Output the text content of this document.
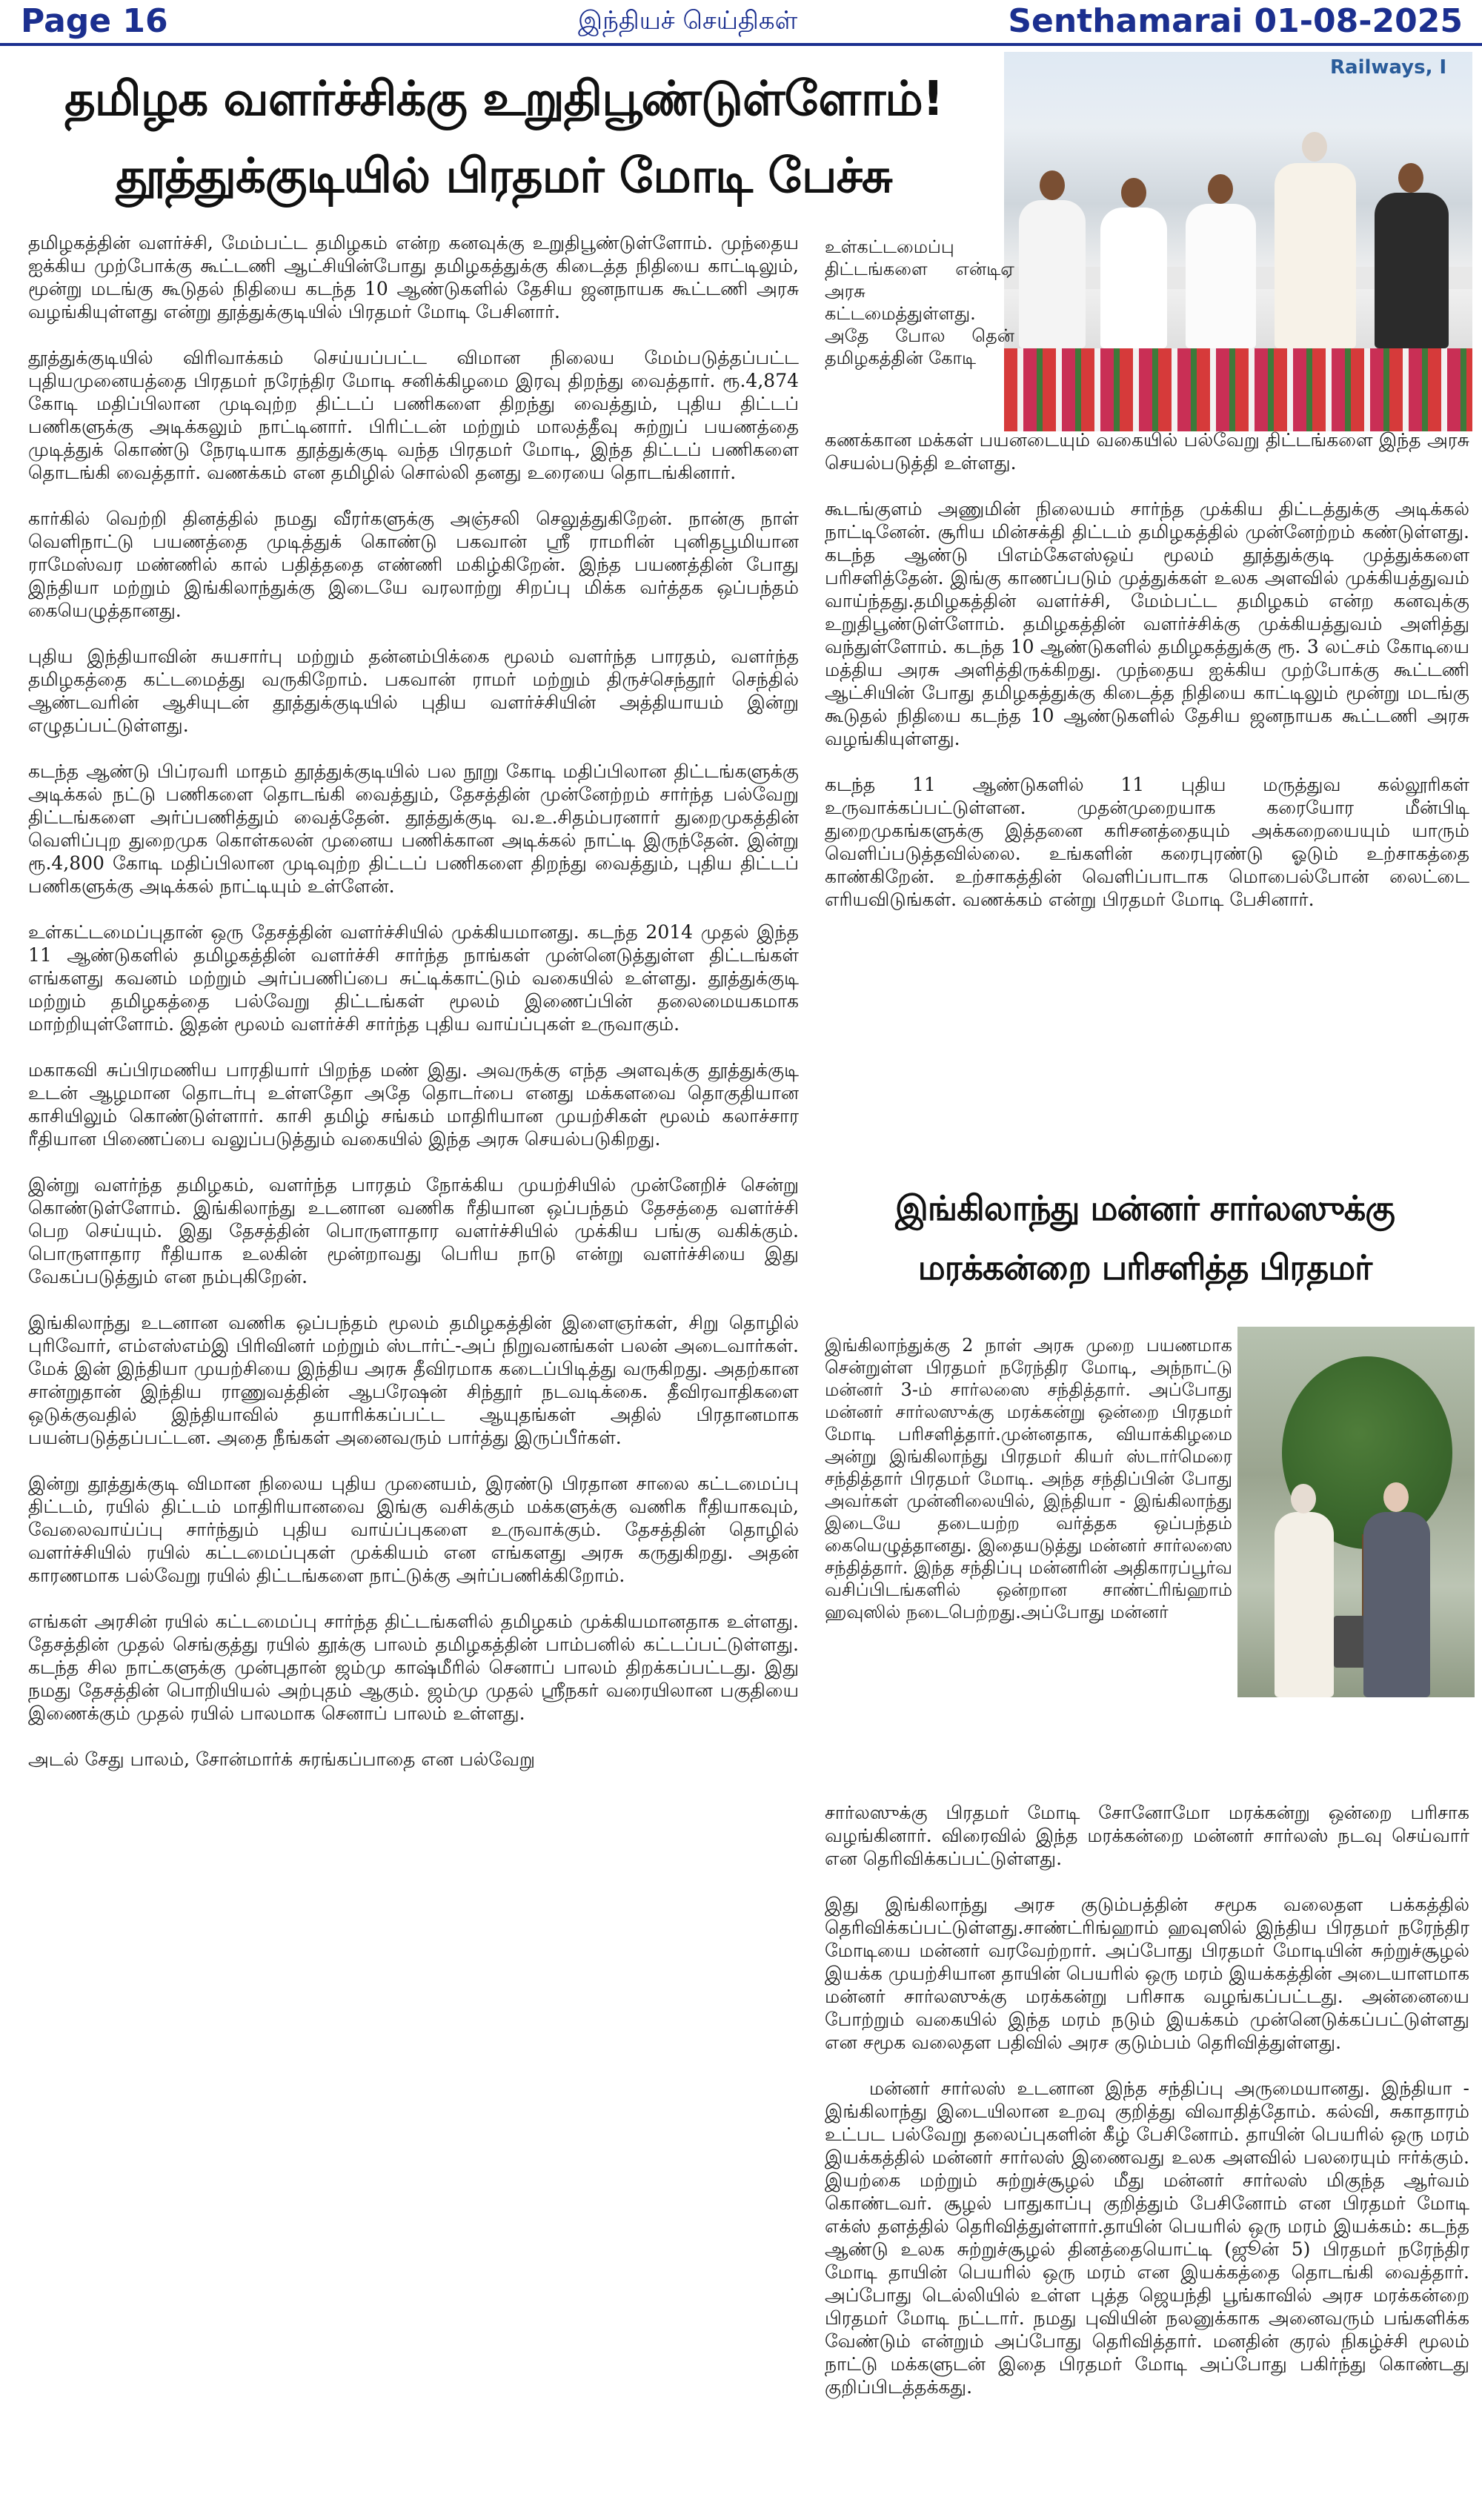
Page 16	இந்தியச் செய்திகள்	Senthamarai 01-08-2025
தமிழக வளர்ச்சிக்கு உறுதிபூண்டுள்ளோம்!
தூத்துக்குடியில் பிரதமர் மோடி பேச்சு
Railways, I

உள்கட்டமைப்பு திட்டங்களை என்டிஏ அரசு கட்டமைத்துள்ளது. அதே போல தென் தமிழகத்தின் கோடி

தமிழகத்தின் வளர்ச்சி, மேம்பட்ட தமிழகம் என்ற கனவுக்கு உறுதிபூண்டுள்ளோம். முந்தைய ஐக்கிய முற்போக்கு கூட்டணி ஆட்சியின்போது தமிழகத்துக்கு கிடைத்த நிதியை காட்டிலும், மூன்று மடங்கு கூடுதல் நிதியை கடந்த 10 ஆண்டுகளில் தேசிய ஜனநாயக கூட்டணி அரசு வழங்கியுள்ளது என்று தூத்துக்குடியில் பிரதமர் மோடி பேசினார்.

தூத்துக்குடியில் விரிவாக்கம் செய்யப்பட்ட விமான நிலைய மேம்படுத்தப்பட்ட புதியமுனையத்தை பிரதமர் நரேந்திர மோடி சனிக்கிழமை இரவு திறந்து வைத்தார். ரூ.4,874 கோடி மதிப்பிலான முடிவுற்ற திட்டப் பணிகளை திறந்து வைத்தும், புதிய திட்டப் பணிகளுக்கு அடிக்கலும் நாட்டினார். பிரிட்டன் மற்றும் மாலத்தீவு சுற்றுப் பயணத்தை முடித்துக் கொண்டு நேரடியாக தூத்துக்குடி வந்த பிரதமர் மோடி, இந்த திட்டப் பணிகளை தொடங்கி வைத்தார். வணக்கம் என தமிழில் சொல்லி தனது உரையை தொடங்கினார்.

கார்கில் வெற்றி தினத்தில் நமது வீரர்களுக்கு அஞ்சலி செலுத்துகிறேன். நான்கு நாள் வெளிநாட்டு பயணத்தை முடித்துக் கொண்டு பகவான் ஸ்ரீ ராமரின் புனிதபூமியான ராமேஸ்வர மண்ணில் கால் பதித்ததை எண்ணி மகிழ்கிறேன். இந்த பயணத்தின் போது இந்தியா மற்றும் இங்கிலாந்துக்கு இடையே வரலாற்று சிறப்பு மிக்க வர்த்தக ஒப்பந்தம் கையெழுத்தானது.

புதிய இந்தியாவின் சுயசார்பு மற்றும் தன்னம்பிக்கை மூலம் வளர்ந்த பாரதம், வளர்ந்த தமிழகத்தை கட்டமைத்து வருகிறோம். பகவான் ராமர் மற்றும் திருச்செந்தூர் செந்தில் ஆண்டவரின் ஆசியுடன் தூத்துக்குடியில் புதிய வளர்ச்சியின் அத்தியாயம் இன்று எழுதப்பட்டுள்ளது.

கடந்த ஆண்டு பிப்ரவரி மாதம் தூத்துக்குடியில் பல நூறு கோடி மதிப்பிலான திட்டங்களுக்கு அடிக்கல் நட்டு பணிகளை தொடங்கி வைத்தும், தேசத்தின் முன்னேற்றம் சார்ந்த பல்வேறு திட்டங்களை அர்ப்பணித்தும் வைத்தேன். தூத்துக்குடி வ.உ.சிதம்பரனார் துறைமுகத்தின் வெளிப்புற துறைமுக கொள்கலன் முனைய பணிக்கான அடிக்கல் நாட்டி இருந்தேன். இன்று ரூ.4,800 கோடி மதிப்பிலான முடிவுற்ற திட்டப் பணிகளை திறந்து வைத்தும், புதிய திட்டப் பணிகளுக்கு அடிக்கல் நாட்டியும் உள்ளேன்.

உள்கட்டமைப்புதான் ஒரு தேசத்தின் வளர்ச்சியில் முக்கியமானது. கடந்த 2014 முதல் இந்த 11 ஆண்டுகளில் தமிழகத்தின் வளர்ச்சி சார்ந்த நாங்கள் முன்னெடுத்துள்ள திட்டங்கள் எங்களது கவனம் மற்றும் அர்ப்பணிப்பை சுட்டிக்காட்டும் வகையில் உள்ளது. தூத்துக்குடி மற்றும் தமிழகத்தை பல்வேறு திட்டங்கள் மூலம் இணைப்பின் தலைமையகமாக மாற்றியுள்ளோம். இதன் மூலம் வளர்ச்சி சார்ந்த புதிய வாய்ப்புகள் உருவாகும்.

மகாகவி சுப்பிரமணிய பாரதியார் பிறந்த மண் இது. அவருக்கு எந்த அளவுக்கு தூத்துக்குடி உடன் ஆழமான தொடர்பு உள்ளதோ அதே தொடர்பை எனது மக்களவை தொகுதியான காசியிலும் கொண்டுள்ளார். காசி தமிழ் சங்கம் மாதிரியான முயற்சிகள் மூலம் கலாச்சார ரீதியான பிணைப்பை வலுப்படுத்தும் வகையில் இந்த அரசு செயல்படுகிறது.

இன்று வளர்ந்த தமிழகம், வளர்ந்த பாரதம் நோக்கிய முயற்சியில் முன்னேறிச் சென்று கொண்டுள்ளோம். இங்கிலாந்து உடனான வணிக ரீதியான ஒப்பந்தம் தேசத்தை வளர்ச்சி பெற செய்யும். இது தேசத்தின் பொருளாதார வளர்ச்சியில் முக்கிய பங்கு வகிக்கும். பொருளாதார ரீதியாக உலகின் மூன்றாவது பெரிய நாடு என்று வளர்ச்சியை இது வேகப்படுத்தும் என நம்புகிறேன்.

இங்கிலாந்து உடனான வணிக ஒப்பந்தம் மூலம் தமிழகத்தின் இளைஞர்கள், சிறு தொழில் புரிவோர், எம்எஸ்எம்இ பிரிவினர் மற்றும் ஸ்டார்ட்-அப் நிறுவனங்கள் பலன் அடைவார்கள். மேக் இன் இந்தியா முயற்சியை இந்திய அரசு தீவிரமாக கடைப்பிடித்து வருகிறது. அதற்கான சான்றுதான் இந்திய ராணுவத்தின் ஆபரேஷன் சிந்தூர் நடவடிக்கை. தீவிரவாதிகளை ஒடுக்குவதில் இந்தியாவில் தயாரிக்கப்பட்ட ஆயுதங்கள் அதில் பிரதானமாக பயன்படுத்தப்பட்டன. அதை நீங்கள் அனைவரும் பார்த்து இருப்பீர்கள்.

இன்று தூத்துக்குடி விமான நிலைய புதிய முனையம், இரண்டு பிரதான சாலை கட்டமைப்பு திட்டம், ரயில் திட்டம் மாதிரியானவை இங்கு வசிக்கும் மக்களுக்கு வணிக ரீதியாகவும், வேலைவாய்ப்பு சார்ந்தும் புதிய வாய்ப்புகளை உருவாக்கும். தேசத்தின் தொழில் வளர்ச்சியில் ரயில் கட்டமைப்புகள் முக்கியம் என எங்களது அரசு கருதுகிறது. அதன் காரணமாக பல்வேறு ரயில் திட்டங்களை நாட்டுக்கு அர்ப்பணிக்கிறோம்.

எங்கள் அரசின் ரயில் கட்டமைப்பு சார்ந்த திட்டங்களில் தமிழகம் முக்கியமானதாக உள்ளது. தேசத்தின் முதல் செங்குத்து ரயில் தூக்கு பாலம் தமிழகத்தின் பாம்பனில் கட்டப்பட்டுள்ளது. கடந்த சில நாட்களுக்கு முன்புதான் ஜம்மு காஷ்மீரில் செனாப் பாலம் திறக்கப்பட்டது. இது நமது தேசத்தின் பொறியியல் அற்புதம் ஆகும். ஜம்மு முதல் ஸ்ரீநகர் வரையிலான பகுதியை இணைக்கும் முதல் ரயில் பாலமாக செனாப் பாலம் உள்ளது.

அடல் சேது பாலம், சோன்மார்க் சுரங்கப்பாதை என பல்வேறு

கணக்கான மக்கள் பயனடையும் வகையில் பல்வேறு திட்டங்களை இந்த அரசு செயல்படுத்தி உள்ளது.

கூடங்குளம் அணுமின் நிலையம் சார்ந்த முக்கிய திட்டத்துக்கு அடிக்கல் நாட்டினேன். சூரிய மின்சக்தி திட்டம் தமிழகத்தில் முன்னேற்றம் கண்டுள்ளது. கடந்த ஆண்டு பிஎம்கேஎஸ்ஒய் மூலம் தூத்துக்குடி முத்துக்களை பரிசளித்தேன். இங்கு காணப்படும் முத்துக்கள் உலக அளவில் முக்கியத்துவம் வாய்ந்தது.தமிழகத்தின் வளர்ச்சி, மேம்பட்ட தமிழகம் என்ற கனவுக்கு உறுதிபூண்டுள்ளோம். தமிழகத்தின் வளர்ச்சிக்கு முக்கியத்துவம் அளித்து வந்துள்ளோம். கடந்த 10 ஆண்டுகளில் தமிழகத்துக்கு ரூ. 3 லட்சம் கோடியை மத்திய அரசு அளித்திருக்கிறது. முந்தைய ஐக்கிய முற்போக்கு கூட்டணி ஆட்சியின் போது தமிழகத்துக்கு கிடைத்த நிதியை காட்டிலும் மூன்று மடங்கு கூடுதல் நிதியை கடந்த 10 ஆண்டுகளில் தேசிய ஜனநாயக கூட்டணி அரசு வழங்கியுள்ளது.

கடந்த 11 ஆண்டுகளில் 11 புதிய மருத்துவ கல்லூரிகள் உருவாக்கப்பட்டுள்ளன. முதன்முறையாக கரையோர மீன்பிடி துறைமுகங்களுக்கு இத்தனை கரிசனத்தையும் அக்கறையையும் யாரும் வெளிப்படுத்தவில்லை. உங்களின் கரைபுரண்டு ஓடும் உற்சாகத்தை காண்கிறேன். உற்சாகத்தின் வெளிப்பாடாக மொபைல்போன் லைட்டை எரியவிடுங்கள். வணக்கம் என்று பிரதமர் மோடி பேசினார்.

இங்கிலாந்து மன்னர் சார்லஸுக்கு
மரக்கன்றை பரிசளித்த பிரதமர்

இங்கிலாந்துக்கு 2 நாள் அரசு முறை பயணமாக சென்றுள்ள பிரதமர் நரேந்திர மோடி, அந்நாட்டு மன்னர் 3-ம் சார்லஸை சந்தித்தார். அப்போது மன்னர் சார்லஸுக்கு மரக்கன்று ஒன்றை பிரதமர் மோடி பரிசளித்தார்.முன்னதாக, வியாக்கிழமை அன்று இங்கிலாந்து பிரதமர் கியர் ஸ்டார்மெரை சந்தித்தார் பிரதமர் மோடி. அந்த சந்திப்பின் போது அவர்கள் முன்னிலையில், இந்தியா - இங்கிலாந்து இடையே தடையற்ற வர்த்தக ஒப்பந்தம் கையெழுத்தானது. இதையடுத்து மன்னர் சார்லஸை சந்தித்தார். இந்த சந்திப்பு மன்னரின் அதிகாரப்பூர்வ வசிப்பிடங்களில் ஒன்றான சாண்ட்ரிங்ஹாம் ஹவுஸில் நடைபெற்றது.அப்போது மன்னர்

சார்லஸுக்கு பிரதமர் மோடி சோனோமோ மரக்கன்று ஒன்றை பரிசாக வழங்கினார். விரைவில் இந்த மரக்கன்றை மன்னர் சார்லஸ் நடவு செய்வார் என தெரிவிக்கப்பட்டுள்ளது.

இது இங்கிலாந்து அரச குடும்பத்தின் சமூக வலைதள பக்கத்தில் தெரிவிக்கப்பட்டுள்ளது.சாண்ட்ரிங்ஹாம் ஹவுஸில் இந்திய பிரதமர் நரேந்திர மோடியை மன்னர் வரவேற்றார். அப்போது பிரதமர் மோடியின் சுற்றுச்சூழல் இயக்க முயற்சியான தாயின் பெயரில் ஒரு மரம் இயக்கத்தின் அடையாளமாக மன்னர் சார்லஸுக்கு மரக்கன்று பரிசாக வழங்கப்பட்டது. அன்னையை போற்றும் வகையில் இந்த மரம் நடும் இயக்கம் முன்னெடுக்கப்பட்டுள்ளது என சமூக வலைதள பதிவில் அரச குடும்பம் தெரிவித்துள்ளது.

மன்னர் சார்லஸ் உடனான இந்த சந்திப்பு அருமையானது. இந்தியா - இங்கிலாந்து இடையிலான உறவு குறித்து விவாதித்தோம். கல்வி, சுகாதாரம் உட்பட பல்வேறு தலைப்புகளின் கீழ் பேசினோம். தாயின் பெயரில் ஒரு மரம் இயக்கத்தில் மன்னர் சார்லஸ் இணைவது உலக அளவில் பலரையும் ஈர்க்கும். இயற்கை மற்றும் சுற்றுச்சூழல் மீது மன்னர் சார்லஸ் மிகுந்த ஆர்வம் கொண்டவர். சூழல் பாதுகாப்பு குறித்தும் பேசினோம் என பிரதமர் மோடி எக்ஸ் தளத்தில் தெரிவித்துள்ளார்.தாயின் பெயரில் ஒரு மரம் இயக்கம்: கடந்த ஆண்டு உலக சுற்றுச்சூழல் தினத்தையொட்டி (ஜூன் 5) பிரதமர் நரேந்திர மோடி தாயின் பெயரில் ஒரு மரம் என இயக்கத்தை தொடங்கி வைத்தார். அப்போது டெல்லியில் உள்ள புத்த ஜெயந்தி பூங்காவில் அரச மரக்கன்றை பிரதமர் மோடி நட்டார். நமது புவியின் நலனுக்காக அனைவரும் பங்களிக்க வேண்டும் என்றும் அப்போது தெரிவித்தார். மனதின் குரல் நிகழ்ச்சி மூலம் நாட்டு மக்களுடன் இதை பிரதமர் மோடி அப்போது பகிர்ந்து கொண்டது குறிப்பிடத்தக்கது.
